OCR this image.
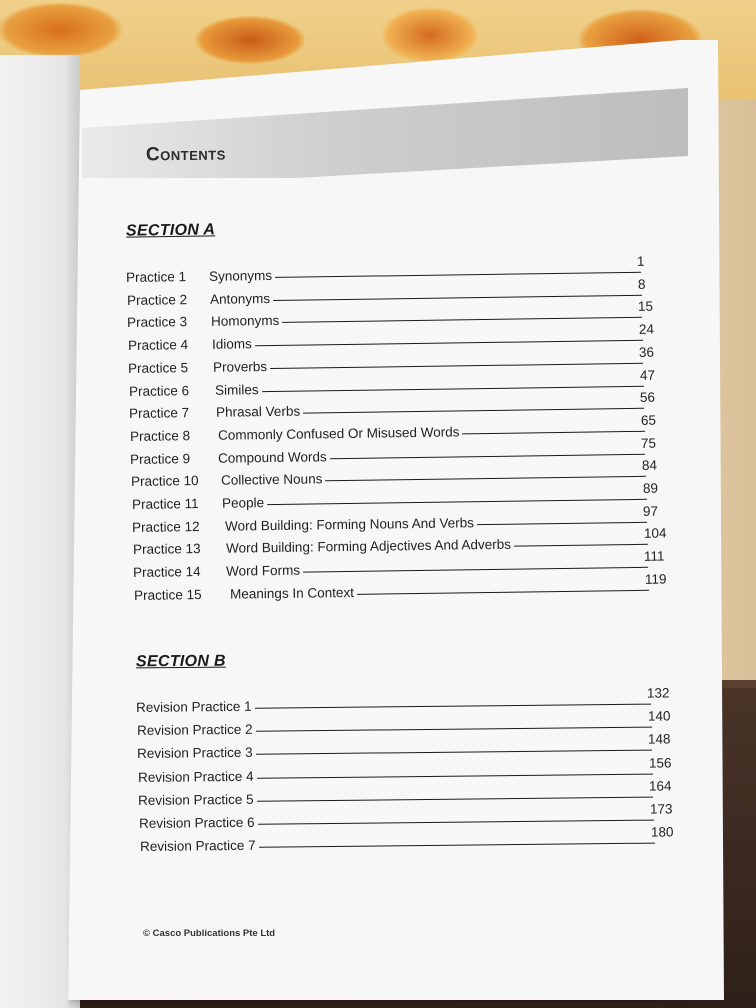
Contents
SECTION A
Practice 1 Synonyms
1
Practice 2 Antonyms
8
Practice 3 Homonyms
15
Practice 4 Idioms
24
Practice 5 Proverbs
36
Practice 6 Similes
47
Practice 7 Phrasal Verbs
56
Practice 8 Commonly Confused Or Misused Words
65
Practice 9 Compound Words
75
Practice 10 Collective Nouns
84
Practice 11 People
89
Practice 12 Word Building: Forming Nouns And Verbs
97
Practice 13 Word Building: Forming Adjectives And Adverbs
104
Practice 14 Word Forms
111
Practice 15 Meanings In Context
119
SECTION B
Revision Practice 1
132
Revision Practice 2
140
Revision Practice 3
148
Revision Practice 4
156
Revision Practice 5
164
Revision Practice 6
173
Revision Practice 7
180
© Casco Publications Pte Ltd
